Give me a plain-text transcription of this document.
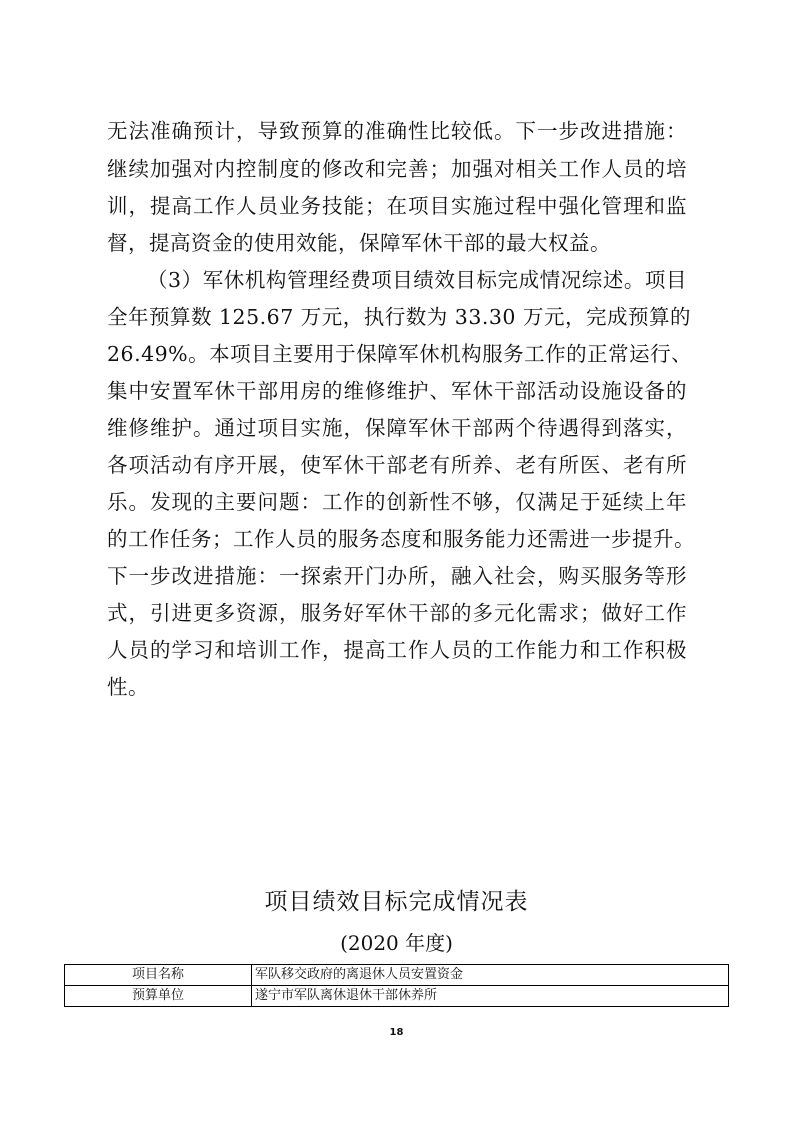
无法准确预计，导致预算的准确性比较低。下一步改进措施：
继续加强对内控制度的修改和完善；加强对相关工作人员的培
训，提高工作人员业务技能；在项目实施过程中强化管理和监
督，提高资金的使用效能，保障军休干部的最大权益。
（3）军休机构管理经费项目绩效目标完成情况综述。项目
全年预算数 125.67 万元，执行数为 33.30 万元，完成预算的
26.49%。本项目主要用于保障军休机构服务工作的正常运行、
集中安置军休干部用房的维修维护、军休干部活动设施设备的
维修维护。通过项目实施，保障军休干部两个待遇得到落实，
各项活动有序开展，使军休干部老有所养、老有所医、老有所
乐。发现的主要问题：工作的创新性不够，仅满足于延续上年
的工作任务；工作人员的服务态度和服务能力还需进一步提升。
下一步改进措施：一探索开门办所，融入社会，购买服务等形
式，引进更多资源，服务好军休干部的多元化需求；做好工作
人员的学习和培训工作，提高工作人员的工作能力和工作积极
性。
项目绩效目标完成情况表
(2020 年度)
项目名称	军队移交政府的离退休人员安置资金
预算单位	遂宁市军队离休退休干部休养所
18
